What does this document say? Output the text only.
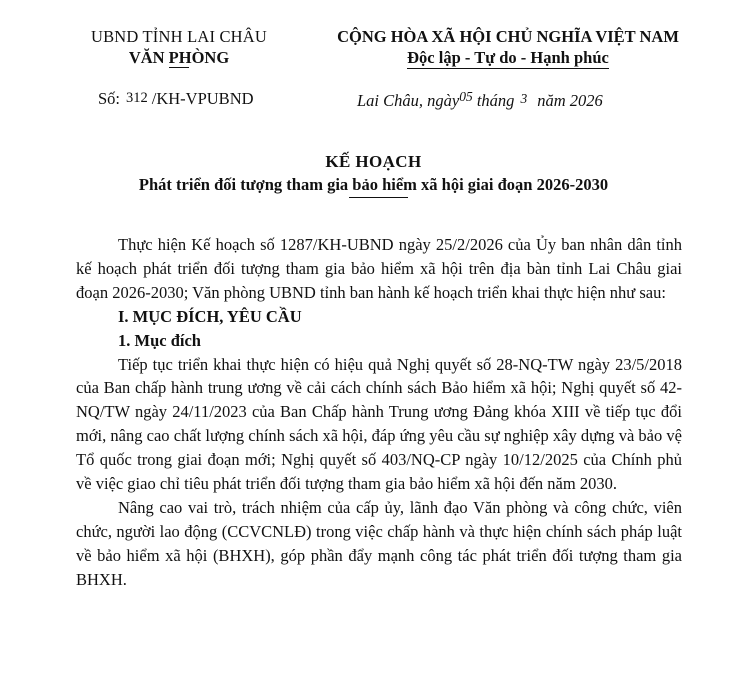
UBND TỈNH LAI CHÂU
VĂN PHÒNG
CỘNG HÒA XÃ HỘI CHỦ NGHĨA VIỆT NAM
Độc lập - Tự do - Hạnh phúc
Số: 312 /KH-VPUBND	Lai Châu, ngày$^{05}$ tháng 3 năm 2026
KẾ HOẠCH
Phát triển đối tượng tham gia bảo hiểm xã hội giai đoạn 2026-2030

Thực hiện Kế hoạch số 1287/KH-UBND ngày 25/2/2026 của Ủy ban nhân dân tỉnh kế hoạch phát triển đối tượng tham gia bảo hiểm xã hội trên địa bàn tỉnh Lai Châu giai đoạn 2026-2030; Văn phòng UBND tỉnh ban hành kế hoạch triển khai thực hiện như sau:

I. MỤC ĐÍCH, YÊU CẦU

1. Mục đích

Tiếp tục triển khai thực hiện có hiệu quả Nghị quyết số 28-NQ-TW ngày 23/5/2018 của Ban chấp hành trung ương về cải cách chính sách Bảo hiểm xã hội; Nghị quyết số 42-NQ/TW ngày 24/11/2023 của Ban Chấp hành Trung ương Đảng khóa XIII về tiếp tục đổi mới, nâng cao chất lượng chính sách xã hội, đáp ứng yêu cầu sự nghiệp xây dựng và bảo vệ Tổ quốc trong giai đoạn mới; Nghị quyết số 403/NQ-CP ngày 10/12/2025 của Chính phủ về việc giao chỉ tiêu phát triển đối tượng tham gia bảo hiểm xã hội đến năm 2030.

Nâng cao vai trò, trách nhiệm của cấp ủy, lãnh đạo Văn phòng và công chức, viên chức, người lao động (CCVCNLĐ) trong việc chấp hành và thực hiện chính sách pháp luật về bảo hiểm xã hội (BHXH), góp phần đẩy mạnh công tác phát triển đối tượng tham gia BHXH.
